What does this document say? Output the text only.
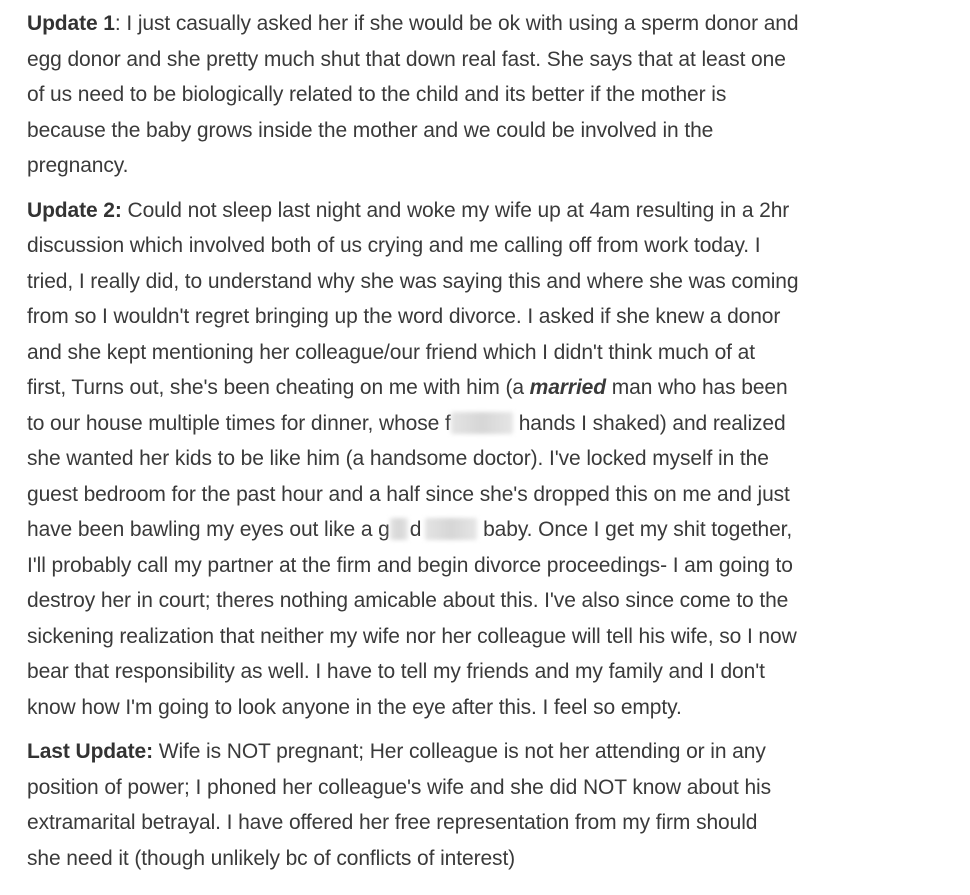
Update 1: I just casually asked her if she would be ok with using a sperm donor and
egg donor and she pretty much shut that down real fast. She says that at least one
of us need to be biologically related to the child and its better if the mother is
because the baby grows inside the mother and we could be involved in the
pregnancy.

Update 2: Could not sleep last night and woke my wife up at 4am resulting in a 2hr
discussion which involved both of us crying and me calling off from work today. I
tried, I really did, to understand why she was saying this and where she was coming
from so I wouldn't regret bringing up the word divorce. I asked if she knew a donor
and she kept mentioning her colleague/our friend which I didn't think much of at
first, Turns out, she's been cheating on me with him (a married man who has been
to our house multiple times for dinner, whose f	hands I shaked) and realized
she wanted her kids to be like him (a handsome doctor). I've locked myself in the
guest bedroom for the past hour and a half since she's dropped this on me and just
have been bawling my eyes out like a g d	baby. Once I get my shit together,
I'll probably call my partner at the firm and begin divorce proceedings- I am going to
destroy her in court; theres nothing amicable about this. I've also since come to the
sickening realization that neither my wife nor her colleague will tell his wife, so I now
bear that responsibility as well. I have to tell my friends and my family and I don't
know how I'm going to look anyone in the eye after this. I feel so empty.

Last Update: Wife is NOT pregnant; Her colleague is not her attending or in any
position of power; I phoned her colleague's wife and she did NOT know about his
extramarital betrayal. I have offered her free representation from my firm should
she need it (though unlikely bc of conflicts of interest)
